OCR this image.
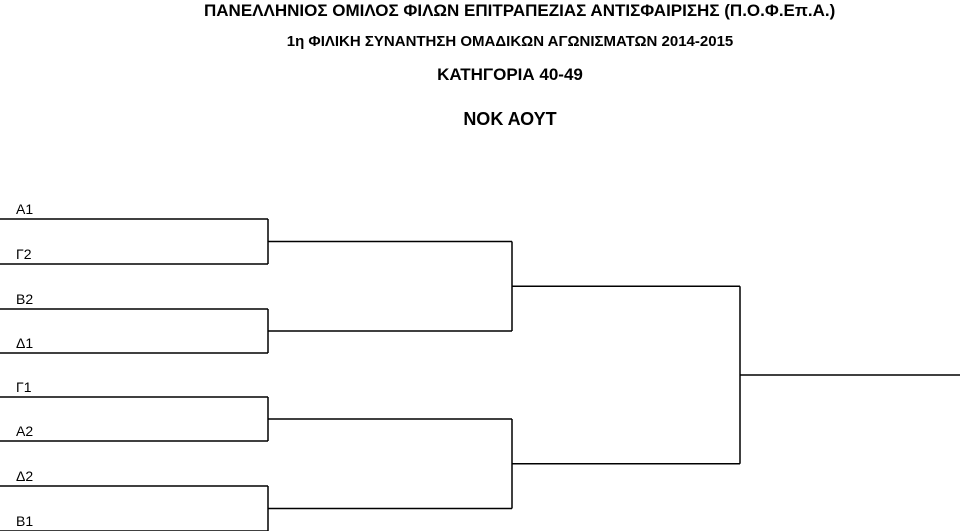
ΠΑΝΕΛΛΗΝΙΟΣ ΟΜΙΛΟΣ ΦΙΛΩΝ ΕΠΙΤΡΑΠΕΖΙΑΣ ΑΝΤΙΣΦΑΙΡΙΣΗΣ (Π.Ο.Φ.Επ.Α.)
1η ΦΙΛΙΚΗ ΣΥΝΑΝΤΗΣΗ ΟΜΑΔΙΚΩΝ ΑΓΩΝΙΣΜΑΤΩΝ 2014-2015
ΚΑΤΗΓΟΡΙΑ 40-49
ΝΟΚ ΑΟΥΤ
Α1
Γ2
Β2
Δ1
Γ1
Α2
Δ2
Β1
